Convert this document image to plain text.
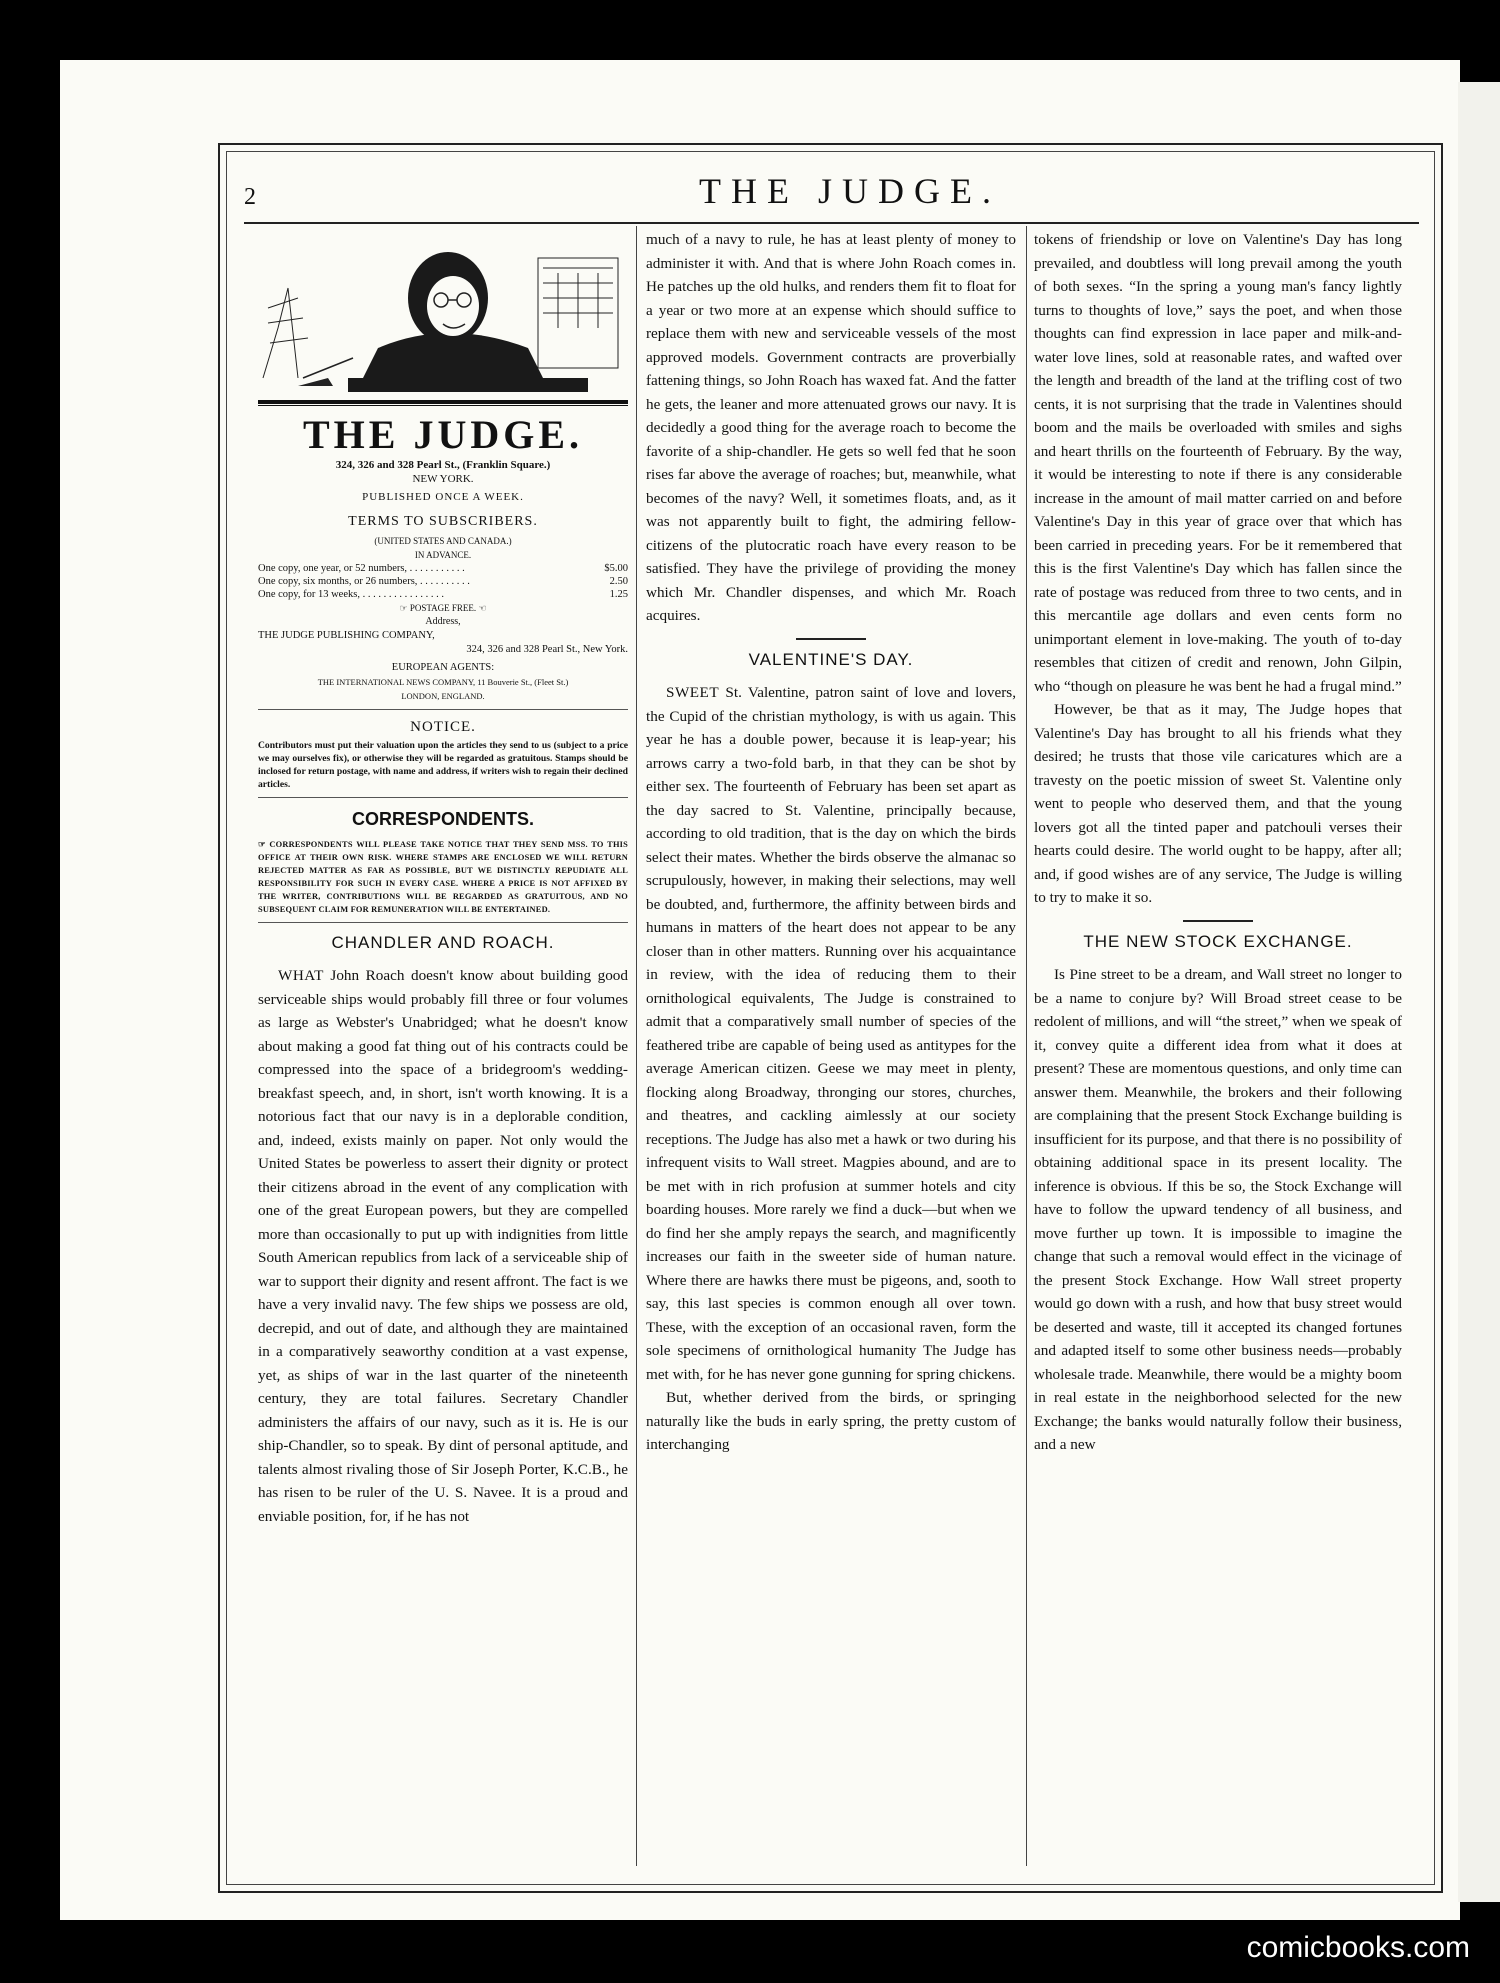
2	THE JUDGE.
THE JUDGE.
324, 326 and 328 Pearl St., (Franklin Square.)
NEW YORK.
PUBLISHED ONCE A WEEK.
TERMS TO SUBSCRIBERS.
(UNITED STATES AND CANADA.)
IN ADVANCE.
One copy, one year, or 52 numbers, . . . . . . . . . . .	$5.00
One copy, six months, or 26 numbers, . . . . . . . . . .	2.50
One copy, for 13 weeks, . . . . . . . . . . . . . . . .	1.25
☞ POSTAGE FREE. ☜
Address,
THE JUDGE PUBLISHING COMPANY,
324, 326 and 328 Pearl St., New York.
EUROPEAN AGENTS:
THE INTERNATIONAL NEWS COMPANY, 11 Bouverie St., (Fleet St.)
LONDON, ENGLAND.
NOTICE.
Contributors must put their valuation upon the articles they send to us (subject to a price we may ourselves fix), or otherwise they will be regarded as gratuitous. Stamps should be inclosed for return postage, with name and address, if writers wish to regain their declined articles.
CORRESPONDENTS.
☞ CORRESPONDENTS WILL PLEASE TAKE NOTICE THAT THEY SEND MSS. TO THIS OFFICE AT THEIR OWN RISK. WHERE STAMPS ARE ENCLOSED WE WILL RETURN REJECTED MATTER AS FAR AS POSSIBLE, BUT WE DISTINCTLY REPUDIATE ALL RESPONSIBILITY FOR SUCH IN EVERY CASE. WHERE A PRICE IS NOT AFFIXED BY THE WRITER, CONTRIBUTIONS WILL BE REGARDED AS GRATUITOUS, AND NO SUBSEQUENT CLAIM FOR REMUNERATION WILL BE ENTERTAINED.
CHANDLER AND ROACH.

WHAT John Roach doesn't know about building good serviceable ships would probably fill three or four volumes as large as Webster's Unabridged; what he doesn't know about making a good fat thing out of his contracts could be compressed into the space of a bridegroom's wedding-breakfast speech, and, in short, isn't worth knowing. It is a notorious fact that our navy is in a deplorable condition, and, indeed, exists mainly on paper. Not only would the United States be powerless to assert their dignity or protect their citizens abroad in the event of any complication with one of the great European powers, but they are compelled more than occasionally to put up with indignities from little South American republics from lack of a serviceable ship of war to support their dignity and resent affront. The fact is we have a very invalid navy. The few ships we possess are old, decrepid, and out of date, and although they are maintained in a comparatively seaworthy condition at a vast expense, yet, as ships of war in the last quarter of the nineteenth century, they are total failures. Secretary Chandler administers the affairs of our navy, such as it is. He is our ship-Chandler, so to speak. By dint of personal aptitude, and talents almost rivaling those of Sir Joseph Porter, K.C.B., he has risen to be ruler of the U. S. Navee. It is a proud and enviable position, for, if he has not

much of a navy to rule, he has at least plenty of money to administer it with. And that is where John Roach comes in. He patches up the old hulks, and renders them fit to float for a year or two more at an expense which should suffice to replace them with new and serviceable vessels of the most approved models. Government contracts are proverbially fattening things, so John Roach has waxed fat. And the fatter he gets, the leaner and more attenuated grows our navy. It is decidedly a good thing for the average roach to become the favorite of a ship-chandler. He gets so well fed that he soon rises far above the average of roaches; but, meanwhile, what becomes of the navy? Well, it sometimes floats, and, as it was not apparently built to fight, the admiring fellow-citizens of the plutocratic roach have every reason to be satisfied. They have the privilege of providing the money which Mr. Chandler dispenses, and which Mr. Roach acquires.

VALENTINE'S DAY.

SWEET St. Valentine, patron saint of love and lovers, the Cupid of the christian mythology, is with us again. This year he has a double power, because it is leap-year; his arrows carry a two-fold barb, in that they can be shot by either sex. The fourteenth of February has been set apart as the day sacred to St. Valentine, principally because, according to old tradition, that is the day on which the birds select their mates. Whether the birds observe the almanac so scrupulously, however, in making their selections, may well be doubted, and, furthermore, the affinity between birds and humans in matters of the heart does not appear to be any closer than in other matters. Running over his acquaintance in review, with the idea of reducing them to their ornithological equivalents, The Judge is constrained to admit that a comparatively small number of species of the feathered tribe are capable of being used as antitypes for the average American citizen. Geese we may meet in plenty, flocking along Broadway, thronging our stores, churches, and theatres, and cackling aimlessly at our society receptions. The Judge has also met a hawk or two during his infrequent visits to Wall street. Magpies abound, and are to be met with in rich profusion at summer hotels and city boarding houses. More rarely we find a duck—but when we do find her she amply repays the search, and magnificently increases our faith in the sweeter side of human nature. Where there are hawks there must be pigeons, and, sooth to say, this last species is common enough all over town. These, with the exception of an occasional raven, form the sole specimens of ornithological humanity The Judge has met with, for he has never gone gunning for spring chickens.

But, whether derived from the birds, or springing naturally like the buds in early spring, the pretty custom of interchanging

tokens of friendship or love on Valentine's Day has long prevailed, and doubtless will long prevail among the youth of both sexes. “In the spring a young man's fancy lightly turns to thoughts of love,” says the poet, and when those thoughts can find expression in lace paper and milk-and-water love lines, sold at reasonable rates, and wafted over the length and breadth of the land at the trifling cost of two cents, it is not surprising that the trade in Valentines should boom and the mails be overloaded with smiles and sighs and heart thrills on the fourteenth of February. By the way, it would be interesting to note if there is any considerable increase in the amount of mail matter carried on and before Valentine's Day in this year of grace over that which has been carried in preceding years. For be it remembered that this is the first Valentine's Day which has fallen since the rate of postage was reduced from three to two cents, and in this mercantile age dollars and even cents form no unimportant element in love-making. The youth of to-day resembles that citizen of credit and renown, John Gilpin, who “though on pleasure he was bent he had a frugal mind.”

However, be that as it may, The Judge hopes that Valentine's Day has brought to all his friends what they desired; he trusts that those vile caricatures which are a travesty on the poetic mission of sweet St. Valentine only went to people who deserved them, and that the young lovers got all the tinted paper and patchouli verses their hearts could desire. The world ought to be happy, after all; and, if good wishes are of any service, The Judge is willing to try to make it so.

THE NEW STOCK EXCHANGE.

Is Pine street to be a dream, and Wall street no longer to be a name to conjure by? Will Broad street cease to be redolent of millions, and will “the street,” when we speak of it, convey quite a different idea from what it does at present? These are momentous questions, and only time can answer them. Meanwhile, the brokers and their following are complaining that the present Stock Exchange building is insufficient for its purpose, and that there is no possibility of obtaining additional space in its present locality. The inference is obvious. If this be so, the Stock Exchange will have to follow the upward tendency of all business, and move further up town. It is impossible to imagine the change that such a removal would effect in the vicinage of the present Stock Exchange. How Wall street property would go down with a rush, and how that busy street would be deserted and waste, till it accepted its changed fortunes and adapted itself to some other business needs—probably wholesale trade. Meanwhile, there would be a mighty boom in real estate in the neighborhood selected for the new Exchange; the banks would naturally follow their business, and a new

comicbooks.com
